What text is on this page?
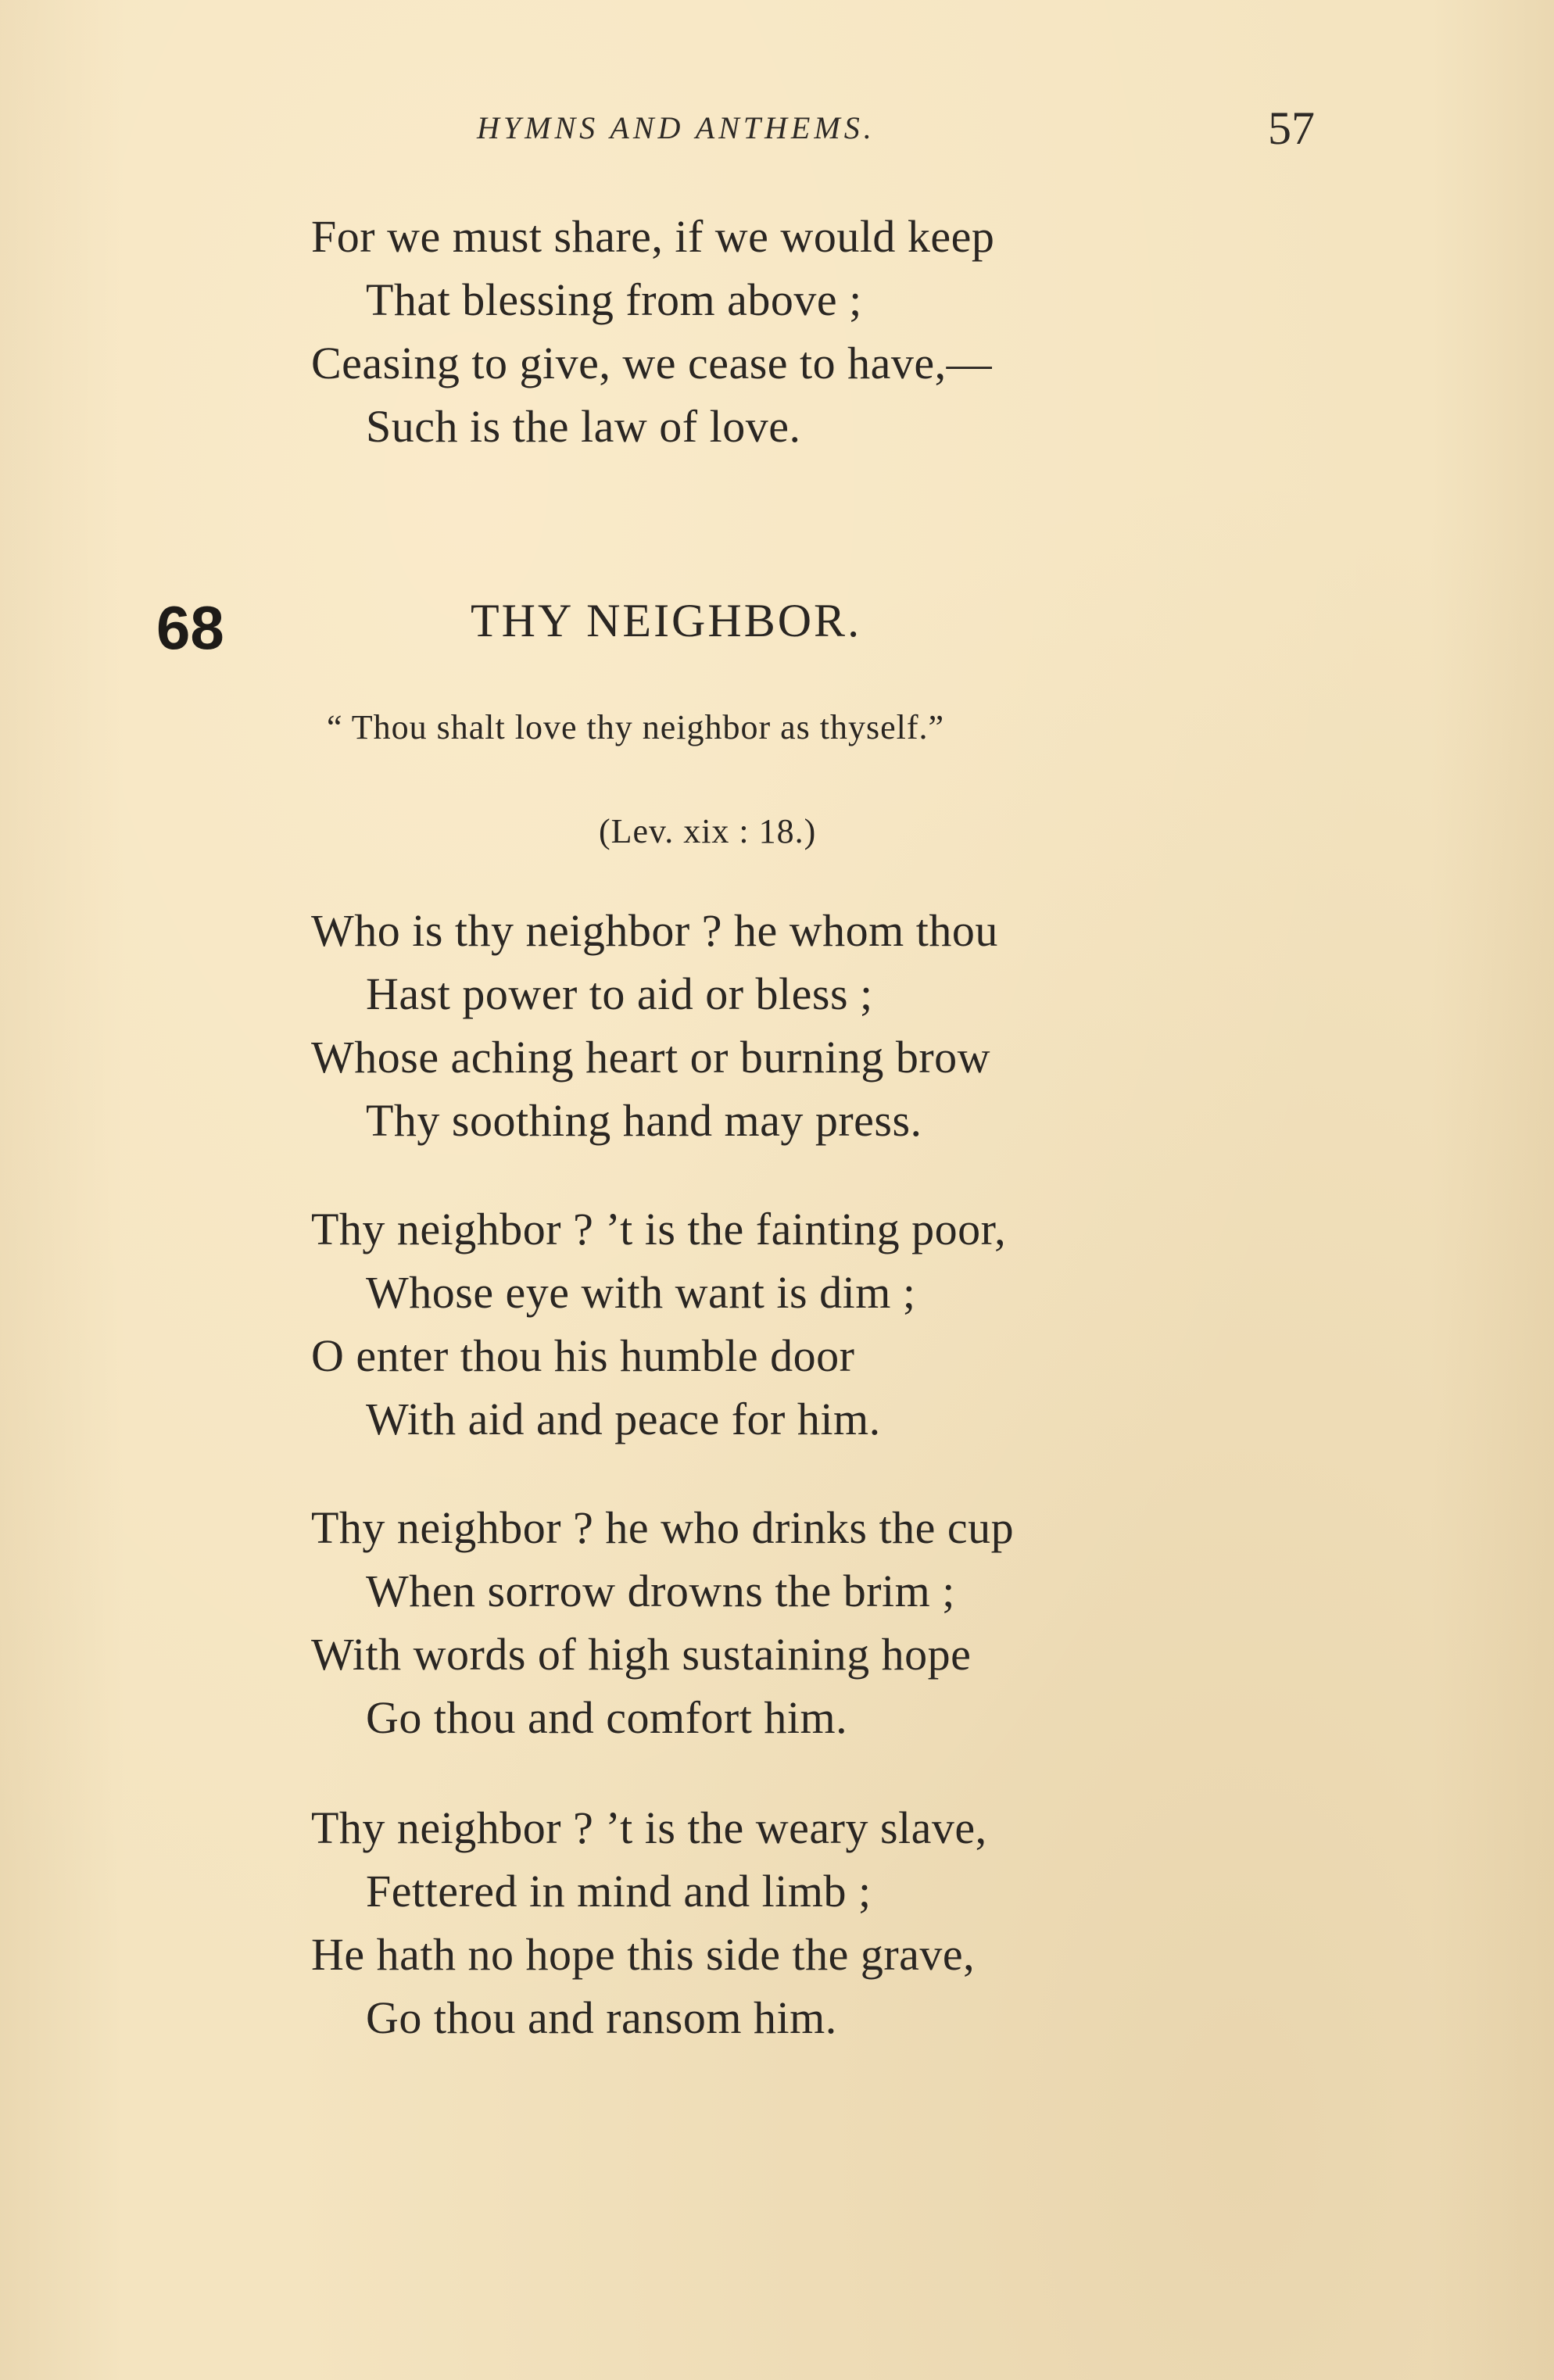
HYMNS AND ANTHEMS.	57
For we must share, if we would keep
That blessing from above ;
Ceasing to give, we cease to have,—
Such is the law of love.
68	THY NEIGHBOR.
“ Thou shalt love thy neighbor as thyself.”
(Lev. xix : 18.)
Who is thy neighbor ? he whom thou
Hast power to aid or bless ;
Whose aching heart or burning brow
Thy soothing hand may press.
Thy neighbor ? ’t is the fainting poor,
Whose eye with want is dim ;
O enter thou his humble door
With aid and peace for him.
Thy neighbor ? he who drinks the cup
When sorrow drowns the brim ;
With words of high sustaining hope
Go thou and comfort him.
Thy neighbor ? ’t is the weary slave,
Fettered in mind and limb ;
He hath no hope this side the grave,
Go thou and ransom him.
